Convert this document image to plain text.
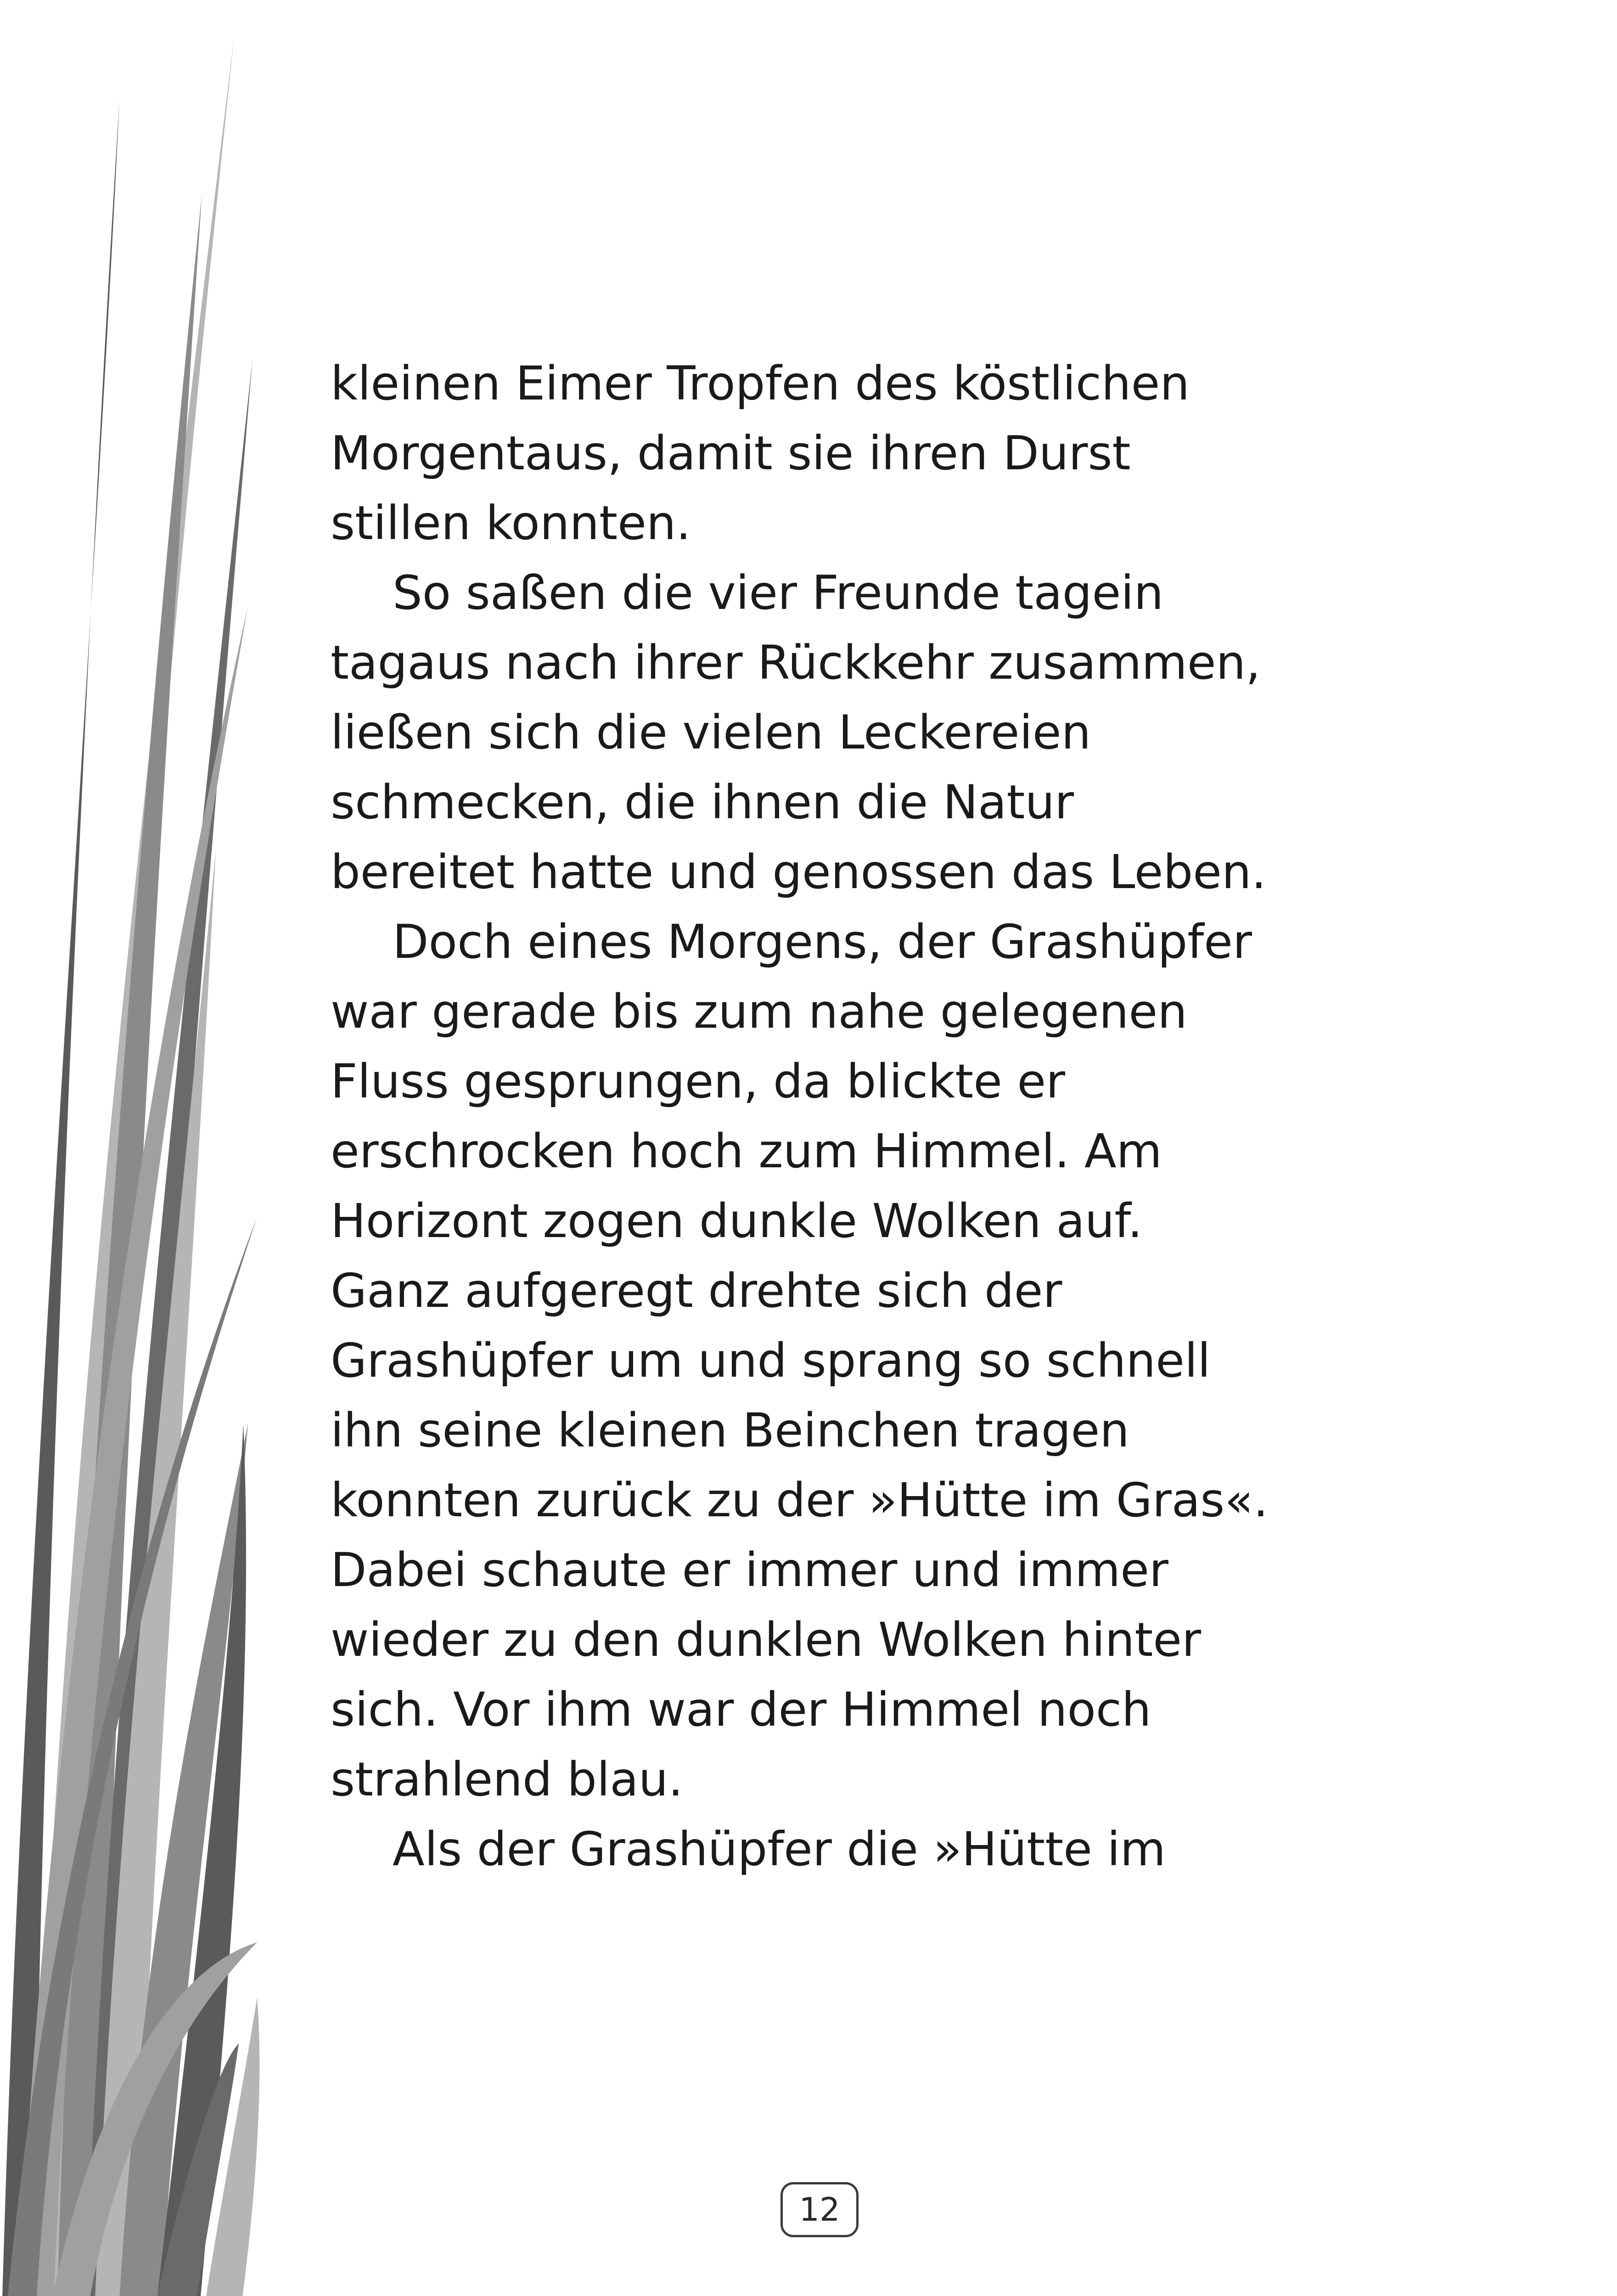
kleinen Eimer Tropfen des köstlichen
Morgentaus, damit sie ihren Durst
stillen konnten.
So saßen die vier Freunde tagein
tagaus nach ihrer Rückkehr zusammen,
ließen sich die vielen Leckereien
schmecken, die ihnen die Natur
bereitet hatte und genossen das Leben.
Doch eines Morgens, der Grashüpfer
war gerade bis zum nahe gelegenen
Fluss gesprungen, da blickte er
erschrocken hoch zum Himmel. Am
Horizont zogen dunkle Wolken auf.
Ganz aufgeregt drehte sich der
Grashüpfer um und sprang so schnell
ihn seine kleinen Beinchen tragen
konnten zurück zu der »Hütte im Gras«.
Dabei schaute er immer und immer
wieder zu den dunklen Wolken hinter
sich. Vor ihm war der Himmel noch
strahlend blau.
Als der Grashüpfer die »Hütte im
12
